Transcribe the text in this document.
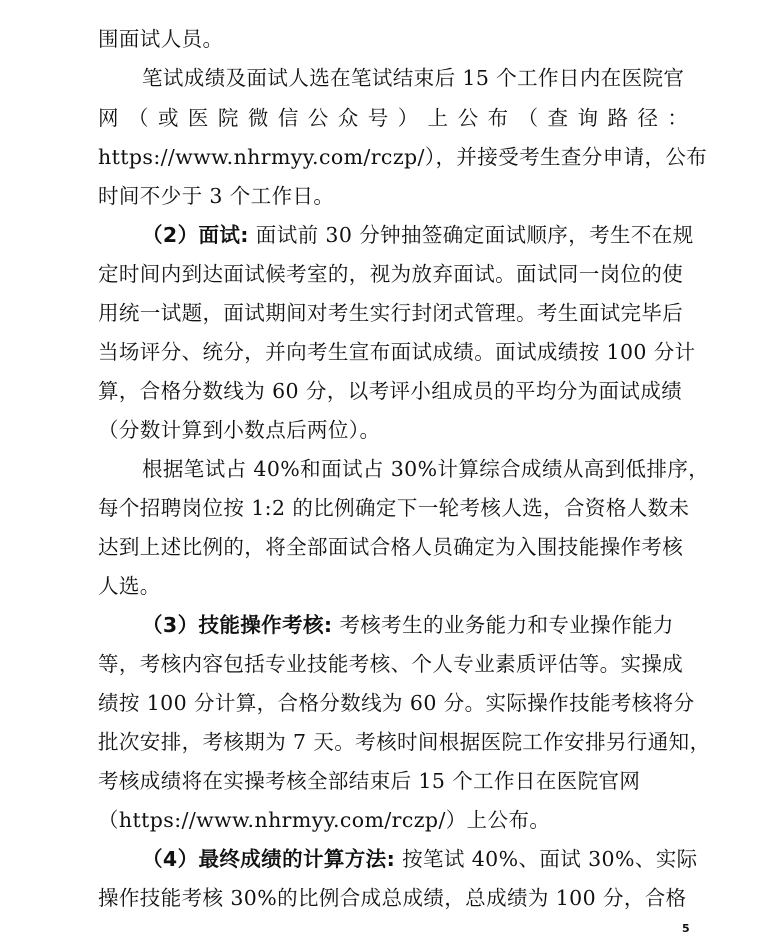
围面试人员。
笔试成绩及面试人选在笔试结束后 15 个工作日内在医院官
网 （ 或 医 院 微 信 公 众 号 ） 上 公 布 （ 查 询 路 径 ：
https://www.nhrmyy.com/rczp/），并接受考生查分申请，公布
时间不少于 3 个工作日。
（2）面试: 面试前 30 分钟抽签确定面试顺序，考生不在规
定时间内到达面试候考室的，视为放弃面试。面试同一岗位的使
用统一试题，面试期间对考生实行封闭式管理。考生面试完毕后
当场评分、统分，并向考生宣布面试成绩。面试成绩按 100 分计
算，合格分数线为 60 分，以考评小组成员的平均分为面试成绩
（分数计算到小数点后两位）。
根据笔试占 40%和面试占 30%计算综合成绩从高到低排序，
每个招聘岗位按 1:2 的比例确定下一轮考核人选，合资格人数未
达到上述比例的，将全部面试合格人员确定为入围技能操作考核
人选。
（3）技能操作考核: 考核考生的业务能力和专业操作能力
等，考核内容包括专业技能考核、个人专业素质评估等。实操成
绩按 100 分计算，合格分数线为 60 分。实际操作技能考核将分
批次安排，考核期为 7 天。考核时间根据医院工作安排另行通知，
考核成绩将在实操考核全部结束后 15 个工作日在医院官网
（https://www.nhrmyy.com/rczp/）上公布。
（4）最终成绩的计算方法: 按笔试 40%、面试 30%、实际
操作技能考核 30%的比例合成总成绩，总成绩为 100 分，合格
5
